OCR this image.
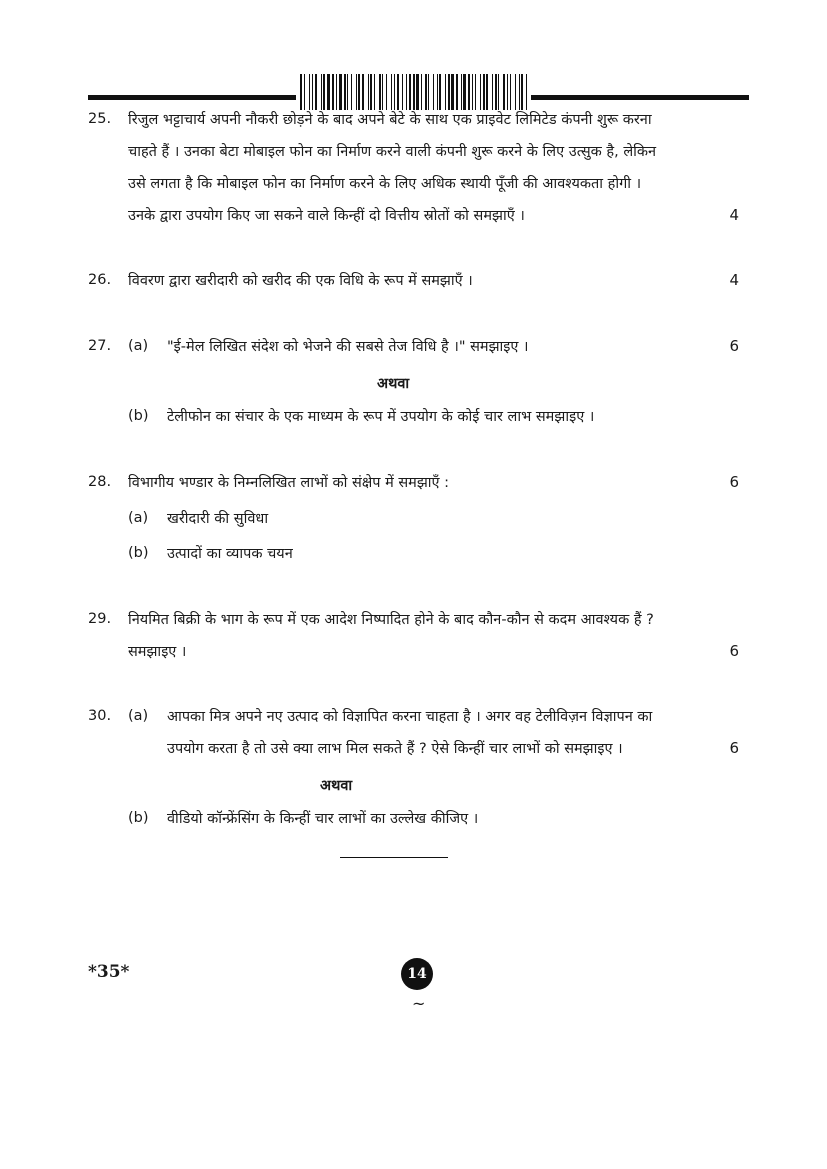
25. रिजुल भट्टाचार्य अपनी नौकरी छोड़ने के बाद अपने बेटे के साथ एक प्राइवेट लिमिटेड कंपनी शुरू करना
चाहते हैं । उनका बेटा मोबाइल फोन का निर्माण करने वाली कंपनी शुरू करने के लिए उत्सुक है, लेकिन
उसे लगता है कि मोबाइल फोन का निर्माण करने के लिए अधिक स्थायी पूँजी की आवश्यकता होगी ।
उनके द्वारा उपयोग किए जा सकने वाले किन्हीं दो वित्तीय स्रोतों को समझाएँ ।	4
26. विवरण द्वारा खरीदारी को खरीद की एक विधि के रूप में समझाएँ ।	4
27. (a) "ई-मेल लिखित संदेश को भेजने की सबसे तेज विधि है ।" समझाइए ।	6
अथवा
(b) टेलीफोन का संचार के एक माध्यम के रूप में उपयोग के कोई चार लाभ समझाइए ।
28. विभागीय भण्डार के निम्नलिखित लाभों को संक्षेप में समझाएँ :	6
(a) खरीदारी की सुविधा
(b) उत्पादों का व्यापक चयन
29. नियमित बिक्री के भाग के रूप में एक आदेश निष्पादित होने के बाद कौन-कौन से कदम आवश्यक हैं ?
समझाइए ।	6
30. (a) आपका मित्र अपने नए उत्पाद को विज्ञापित करना चाहता है । अगर वह टेलीविज़न विज्ञापन का
उपयोग करता है तो उसे क्या लाभ मिल सकते हैं ? ऐसे किन्हीं चार लाभों को समझाइए ।	6
अथवा
(b) वीडियो कॉन्फ्रेंसिंग के किन्हीं चार लाभों का उल्लेख कीजिए ।
*35*	14
~
